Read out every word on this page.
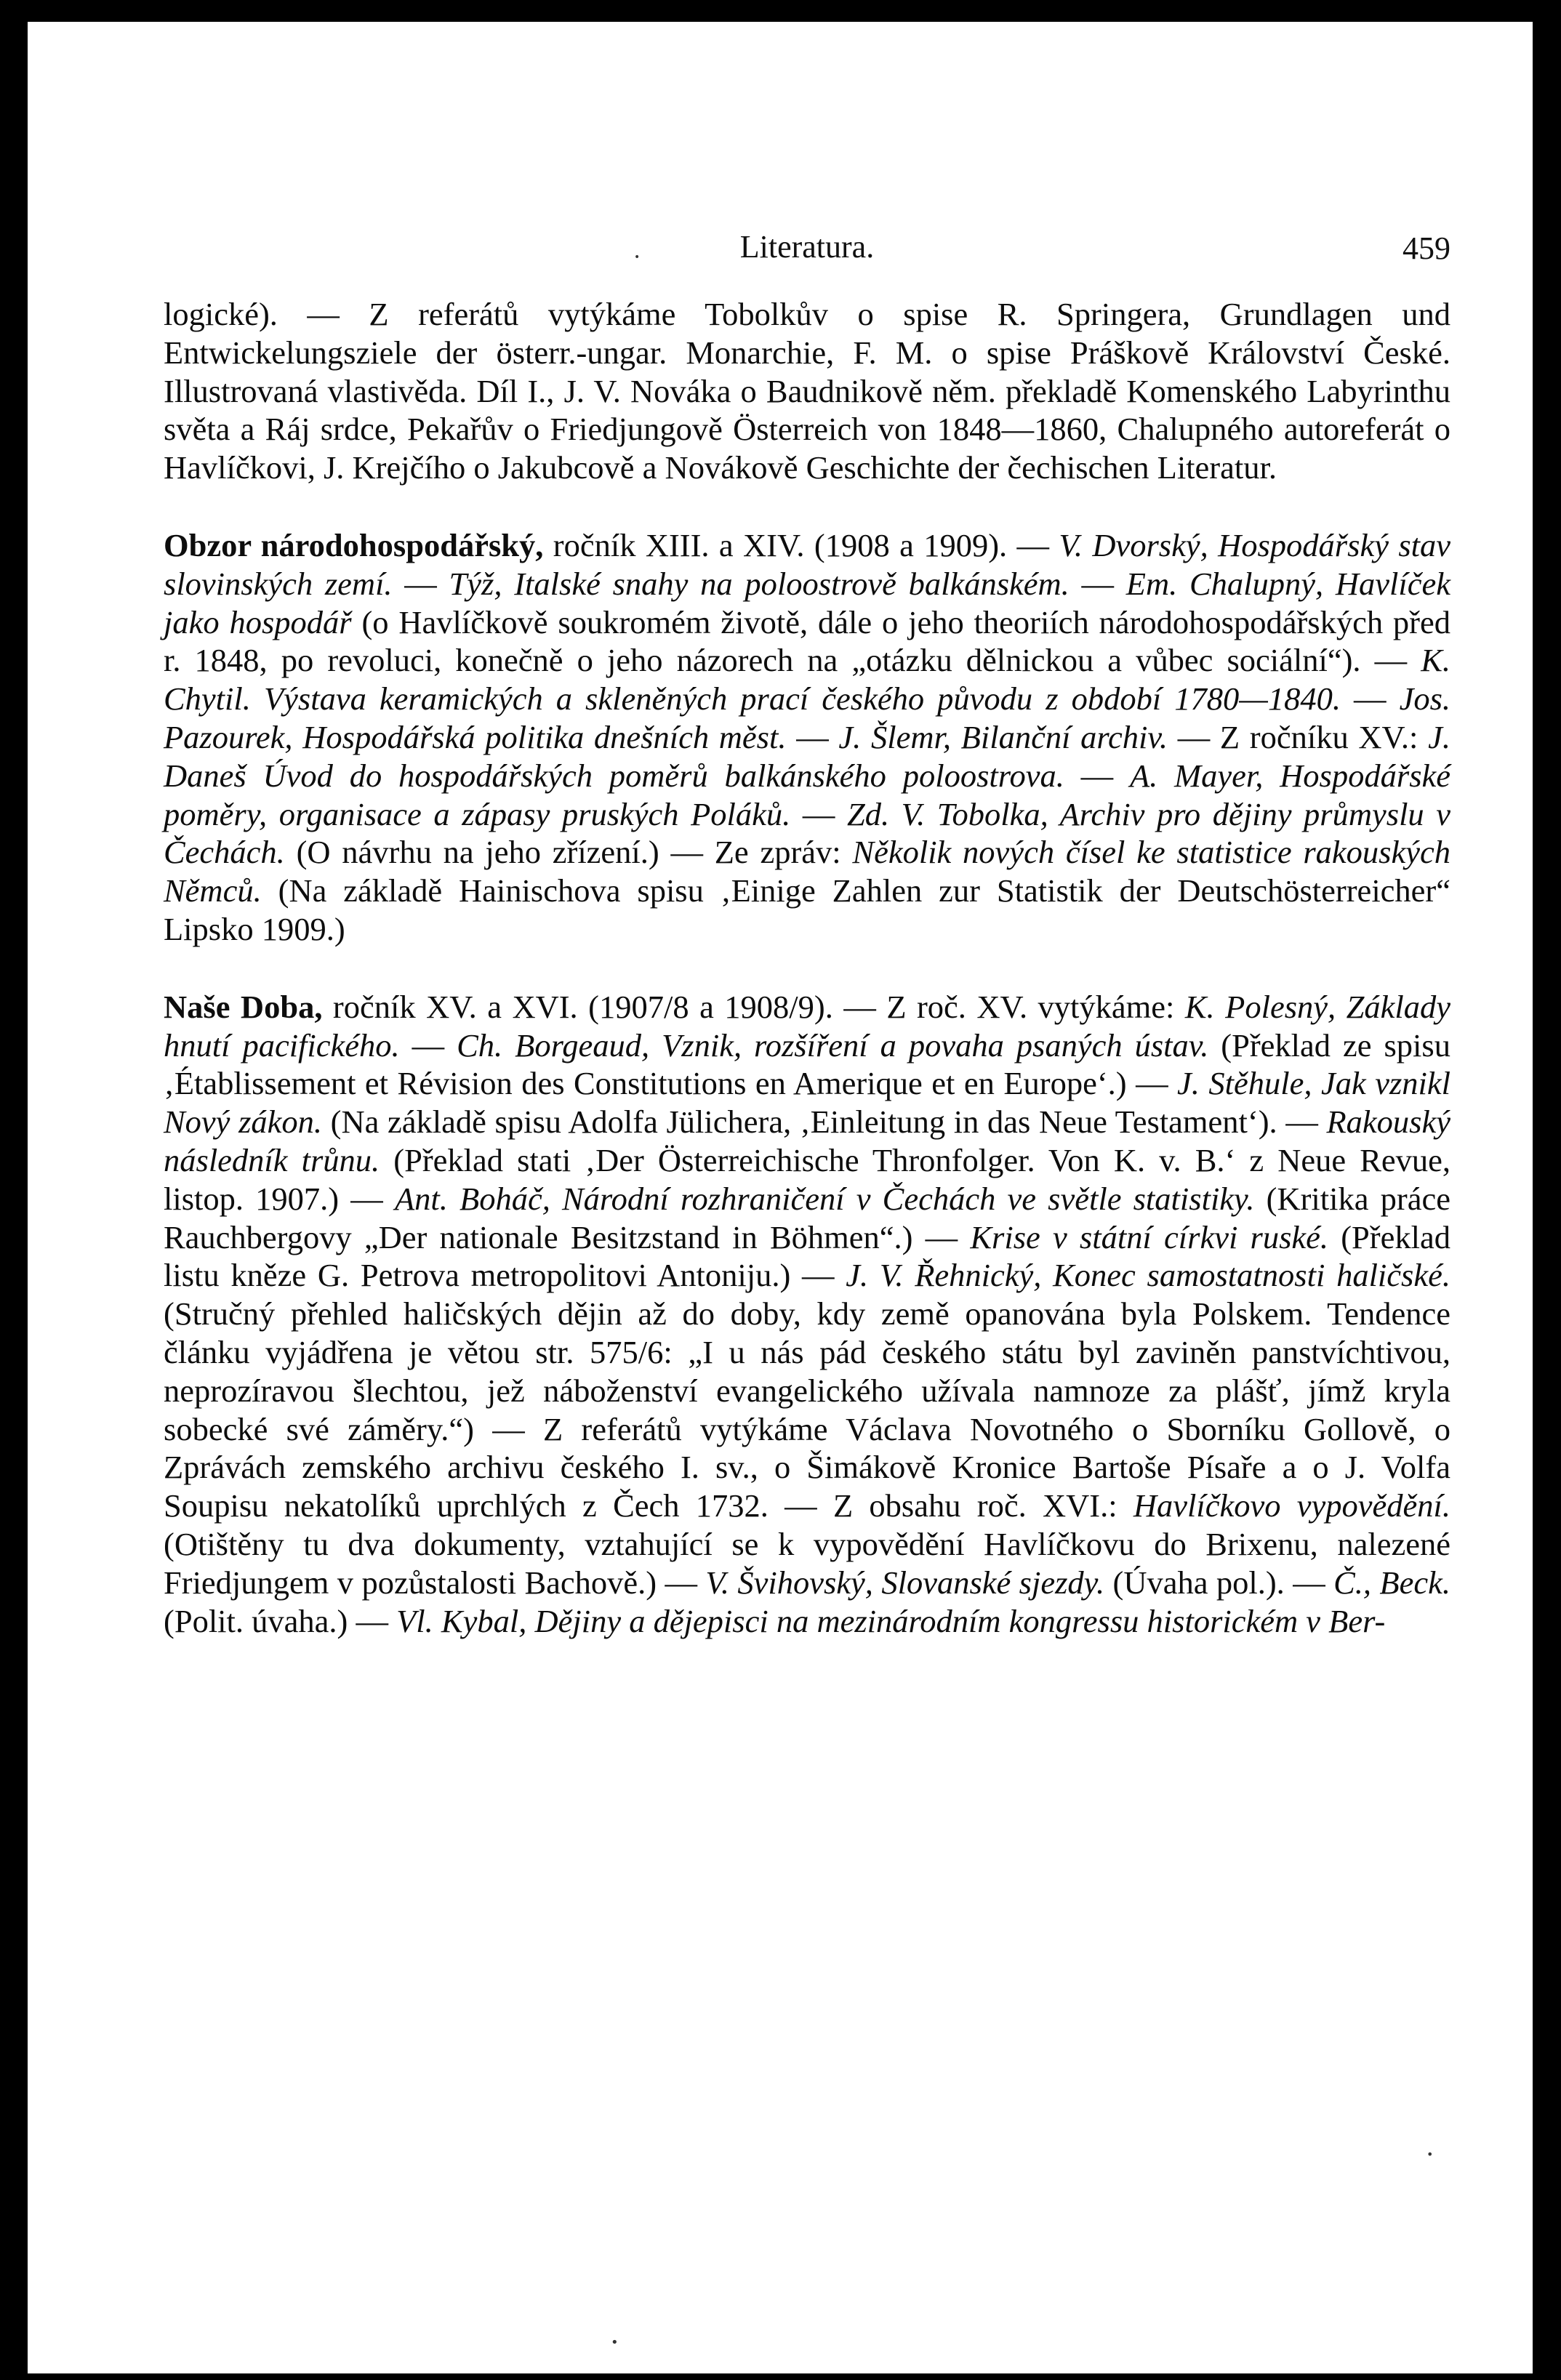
Literatura.	459

logické). — Z referátů vytýkáme Tobolkův o spise R. Springera, Grundlagen und Entwickelungsziele der österr.-ungar. Monarchie, F. M. o spise Práškově Království České. Illustrovaná vlastivěda. Díl I., J. V. Nováka o Baudnikově něm. překladě Komenského Labyrinthu světa a Ráj srdce, Pekařův o Friedjungově Österreich von 1848—1860, Chalupného autoreferát o Havlíčkovi, J. Krejčího o Jakubcově a Novákově Geschichte der čechischen Literatur.

Obzor národohospodářský, ročník XIII. a XIV. (1908 a 1909). — V. Dvorský, Hospodářský stav slovinských zemí. — Týž, Italské snahy na poloostrově balkánském. — Em. Chalupný, Havlíček jako hospodář (o Havlíčkově soukromém životě, dále o jeho theoriích národohospodářských před r. 1848, po revoluci, konečně o jeho názorech na „otázku dělnickou a vůbec sociální“). — K. Chytil. Výstava keramických a skleněných prací českého původu z období 1780—1840. — Jos. Pazourek, Hospodářská politika dnešních měst. — J. Šlemr, Bilanční archiv. — Z ročníku XV.: J. Daneš Úvod do hospodářských poměrů balkánského poloostrova. — A. Mayer, Hospodářské poměry, organisace a zápasy pruských Poláků. — Zd. V. Tobolka, Archiv pro dějiny průmyslu v Čechách. (O návrhu na jeho zřízení.) — Ze zpráv: Několik nových čísel ke statistice rakouských Němců. (Na základě Hainischova spisu ‚Einige Zahlen zur Statistik der Deutschösterreicher“ Lipsko 1909.)

Naše Doba, ročník XV. a XVI. (1907/8 a 1908/9). — Z roč. XV. vytýkáme: K. Polesný, Základy hnutí pacifického. — Ch. Borgeaud, Vznik, rozšíření a povaha psaných ústav. (Překlad ze spisu ‚Établissement et Révision des Constitutions en Amerique et en Europe‘.) — J. Stěhule, Jak vznikl Nový zákon. (Na základě spisu Adolfa Jülichera, ‚Einleitung in das Neue Testament‘). — Rakouský následník trůnu. (Překlad stati ‚Der Österreichische Thronfolger. Von K. v. B.‘ z Neue Revue, listop. 1907.) — Ant. Boháč, Národní rozhraničení v Čechách ve světle statistiky. (Kritika práce Rauchbergovy „Der nationale Besitzstand in Böhmen“.) — Krise v státní církvi ruské. (Překlad listu kněze G. Petrova metropolitovi Antoniju.) — J. V. Řehnický, Konec samostatnosti haličské. (Stručný přehled haličských dějin až do doby, kdy země opanována byla Polskem. Tendence článku vyjádřena je větou str. 575/6: „I u nás pád českého státu byl zaviněn panstvíchtivou, neprozíravou šlechtou, jež náboženství evangelického užívala namnoze za plášť, jímž kryla sobecké své záměry.“) — Z referátů vytýkáme Václava Novotného o Sborníku Gollově, o Zprávách zemského archivu českého I. sv., o Šimákově Kronice Bartoše Písaře a o J. Volfa Soupisu nekatolíků uprchlých z Čech 1732. — Z obsahu roč. XVI.: Havlíčkovo vypovědění. (Otištěny tu dva dokumenty, vztahující se k vypovědění Havlíčkovu do Brixenu, nalezené Friedjungem v pozůstalosti Bachově.) — V. Švihovský, Slovanské sjezdy. (Úvaha pol.). — Č., Beck. (Polit. úvaha.) — Vl. Kybal, Dějiny a dějepisci na mezinárodním kongressu historickém v Ber-

•
•
•
